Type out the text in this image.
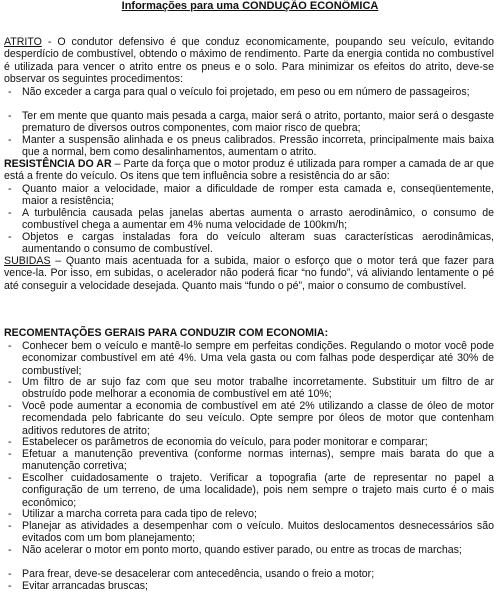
Informações para uma CONDUÇÃO ECONÔMICA
ATRITO - O condutor defensivo é que conduz economicamente, poupando seu veículo, evitando desperdício de combustível, obtendo o máximo de rendimento. Parte da energia contida no combustível é utilizada para vencer o atrito entre os pneus e o solo. Para minimizar os efeitos do atrito, deve-se observar os seguintes procedimentos:
- Não exceder a carga para qual o veículo foi projetado, em peso ou em número de passageiros;
- Ter em mente que quanto mais pesada a carga, maior será o atrito, portanto, maior será o desgaste prematuro de diversos outros componentes, com maior risco de quebra;
- Manter a suspensão alinhada e os pneus calibrados. Pressão incorreta, principalmente mais baixa que a normal, bem como desalinhamentos, aumentam o atrito.
RESISTÊNCIA DO AR – Parte da força que o motor produz é utilizada para romper a camada de ar que está a frente do veículo. Os itens que tem influência sobre a resistência do ar são:
- Quanto maior a velocidade, maior a dificuldade de romper esta camada e, conseqüentemente, maior a resistência;
- A turbulência causada pelas janelas abertas aumenta o arrasto aerodinâmico, o consumo de combustível chega a aumentar em 4% numa velocidade de 100km/h;
- Objetos e cargas instaladas fora do veículo alteram suas características aerodinâmicas, aumentando o consumo de combustível.
SUBIDAS – Quanto mais acentuada for a subida, maior o esforço que o motor terá que fazer para vence-la. Por isso, em subidas, o acelerador não poderá ficar “no fundo”, vá aliviando lentamente o pé até conseguir a velocidade desejada. Quanto mais “fundo o pé”, maior o consumo de combustível.
RECOMENTAÇÕES GERAIS PARA CONDUZIR COM ECONOMIA:
- Conhecer bem o veículo e mantê-lo sempre em perfeitas condições. Regulando o motor você pode economizar combustível em até 4%. Uma vela gasta ou com falhas pode desperdiçar até 30% de combustível;
- Um filtro de ar sujo faz com que seu motor trabalhe incorretamente. Substituir um filtro de ar obstruído pode melhorar a economia de combustível em até 10%;
- Você pode aumentar a economia de combustível em até 2% utilizando a classe de óleo de motor recomendada pelo fabricante do seu veículo. Opte sempre por óleos de motor que contenham aditivos redutores de atrito;
- Estabelecer os parâmetros de economia do veículo, para poder monitorar e comparar;
- Efetuar a manutenção preventiva (conforme normas internas), sempre mais barata do que a manutenção corretiva;
- Escolher cuidadosamente o trajeto. Verificar a topografia (arte de representar no papel a configuração de um terreno, de uma localidade), pois nem sempre o trajeto mais curto é o mais econômico;
- Utilizar a marcha correta para cada tipo de relevo;
- Planejar as atividades a desempenhar com o veículo. Muitos deslocamentos desnecessários são evitados com um bom planejamento;
- Não acelerar o motor em ponto morto, quando estiver parado, ou entre as trocas de marchas;
- Para frear, deve-se desacelerar com antecedência, usando o freio a motor;
- Evitar arrancadas bruscas;
